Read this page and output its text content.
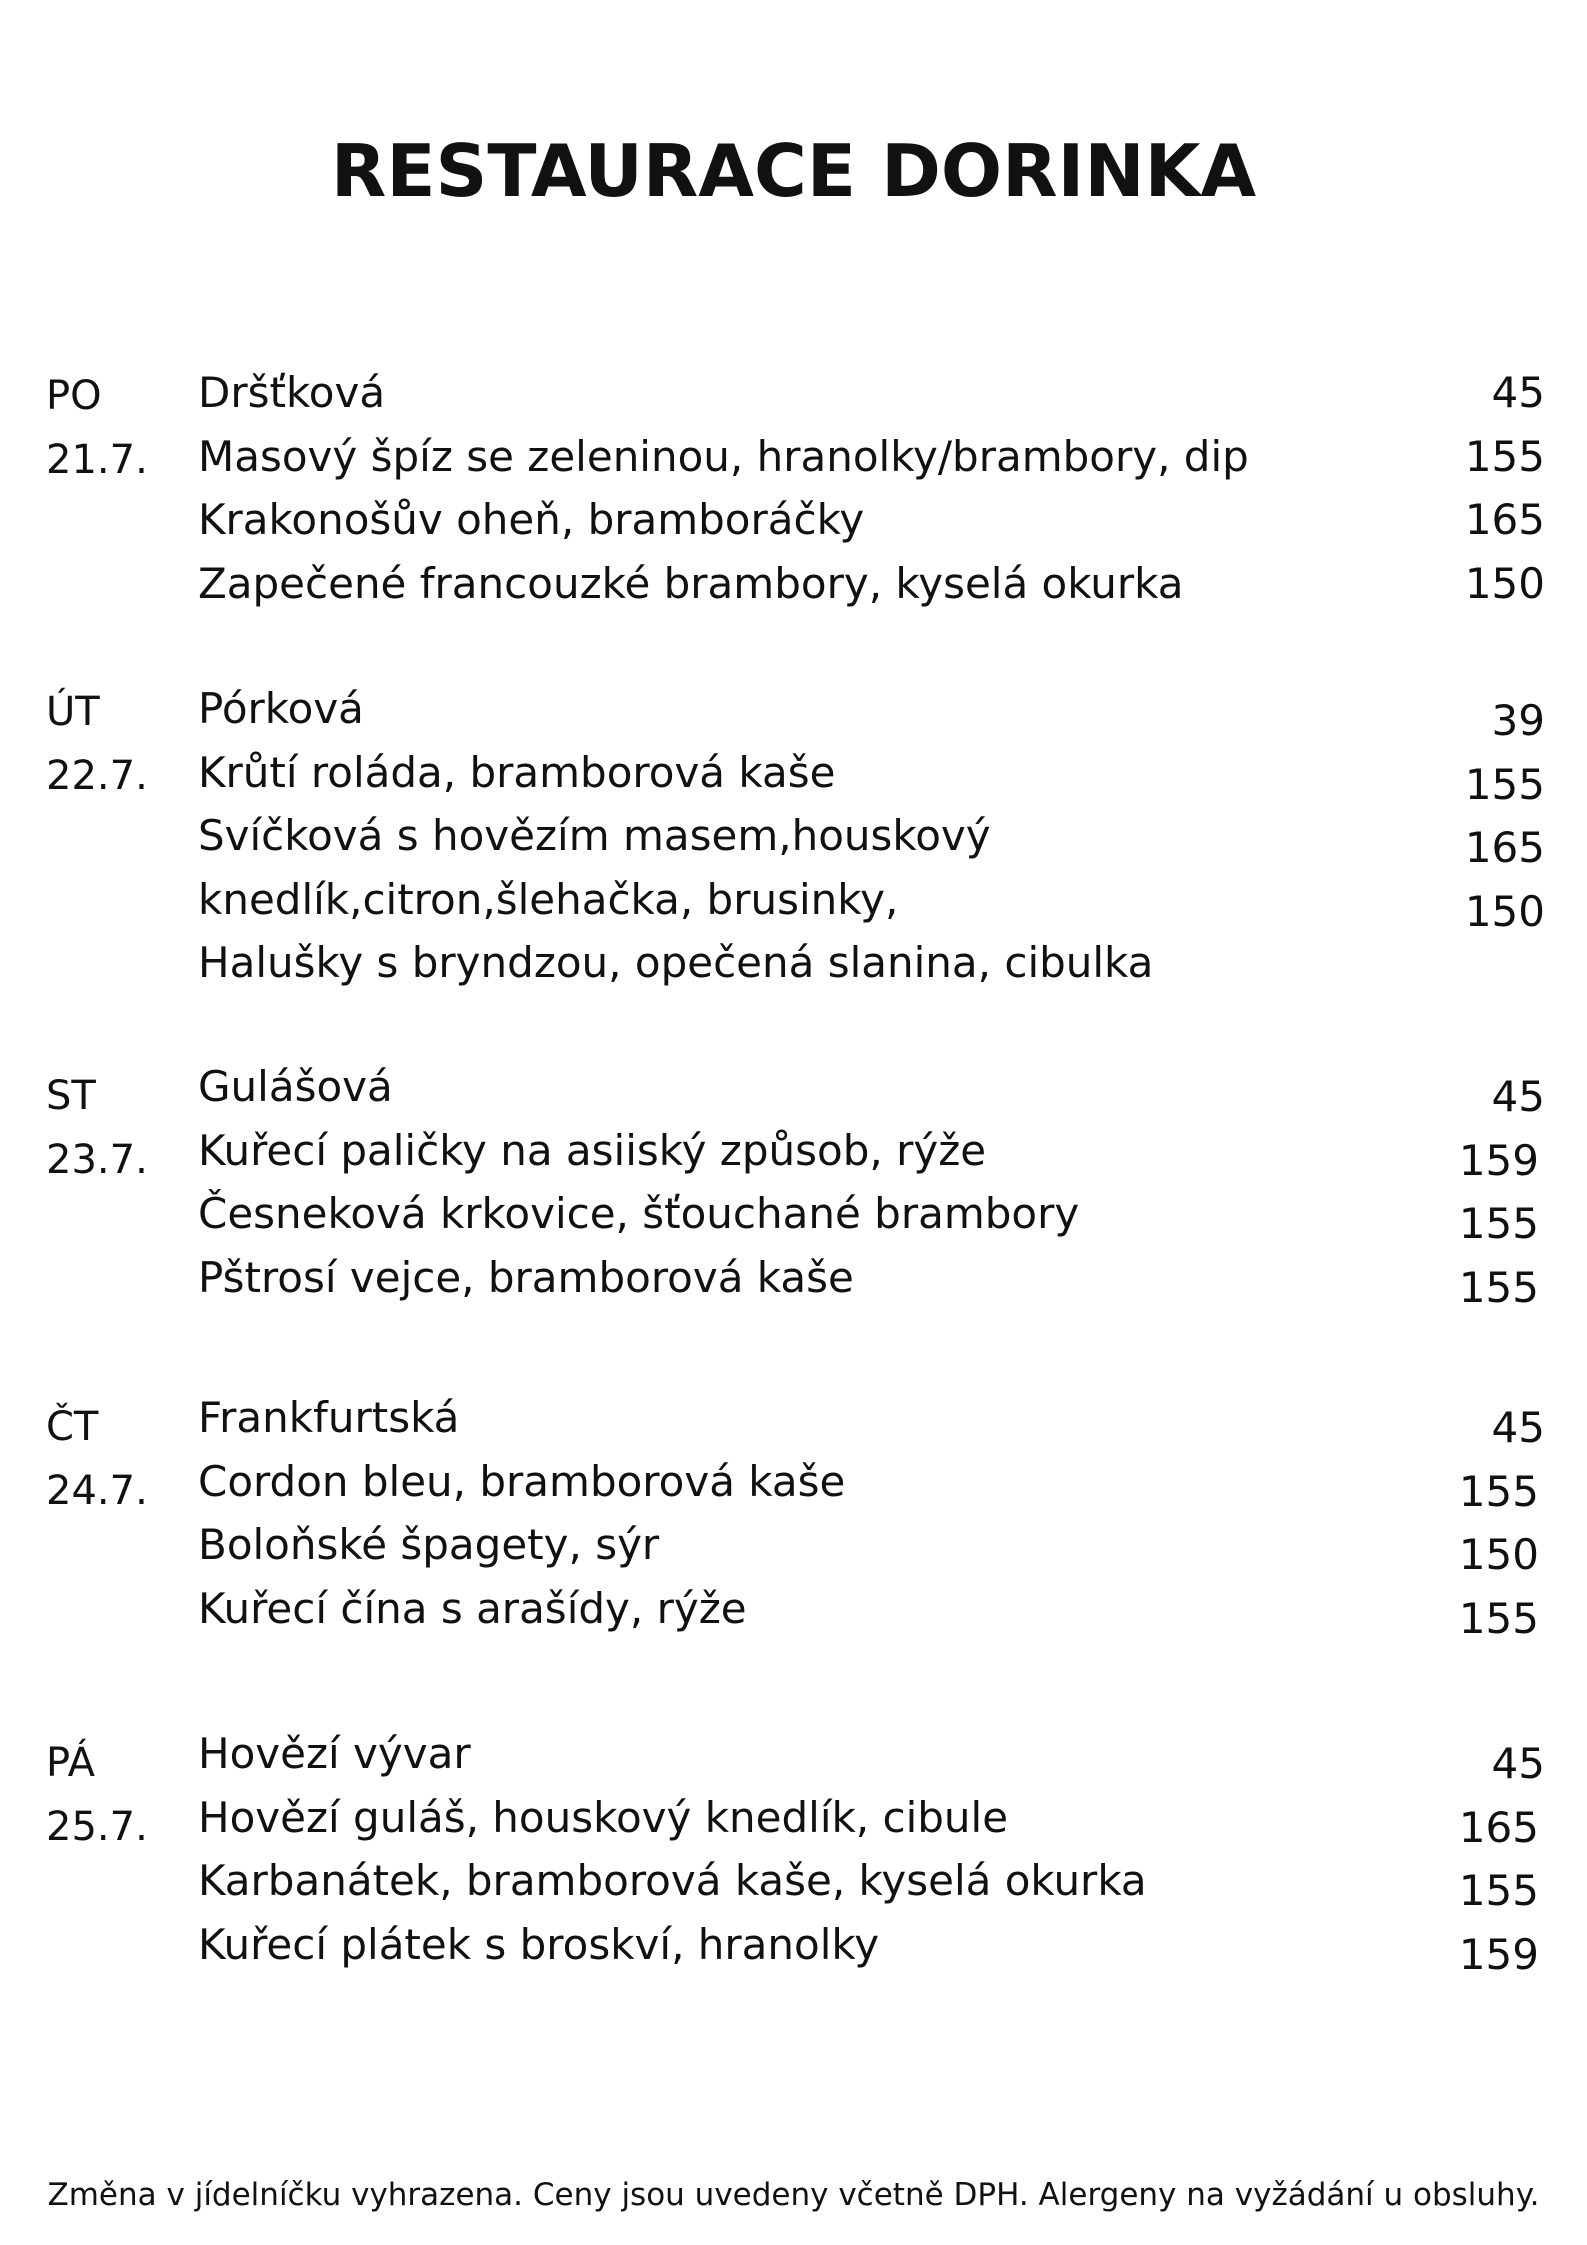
RESTAURACE DORINKA
PO
21.7.
Dršťková
Masový špíz se zeleninou, hranolky/brambory, dip
Krakonošův oheň, bramboráčky
Zapečené francouzké brambory, kyselá okurka
45
155
165
150
ÚT
22.7.
Pórková
Krůtí roláda, bramborová kaše
Svíčková s hovězím masem,houskový
knedlík,citron,šlehačka, brusinky,
Halušky s bryndzou, opečená slanina, cibulka
39
155
165
150
ST
23.7.
Gulášová
Kuřecí paličky na asiiský způsob, rýže
Česneková krkovice, šťouchané brambory
Pštrosí vejce, bramborová kaše
45
159
155
155
ČT
24.7.
Frankfurtská
Cordon bleu, bramborová kaše
Boloňské špagety, sýr
Kuřecí čína s arašídy, rýže
45
155
150
155
PÁ
25.7.
Hovězí vývar
Hovězí guláš, houskový knedlík, cibule
Karbanátek, bramborová kaše, kyselá okurka
Kuřecí plátek s broskví, hranolky
45
165
155
159

Změna v jídelníčku vyhrazena. Ceny jsou uvedeny včetně DPH. Alergeny na vyžádání u obsluhy.
